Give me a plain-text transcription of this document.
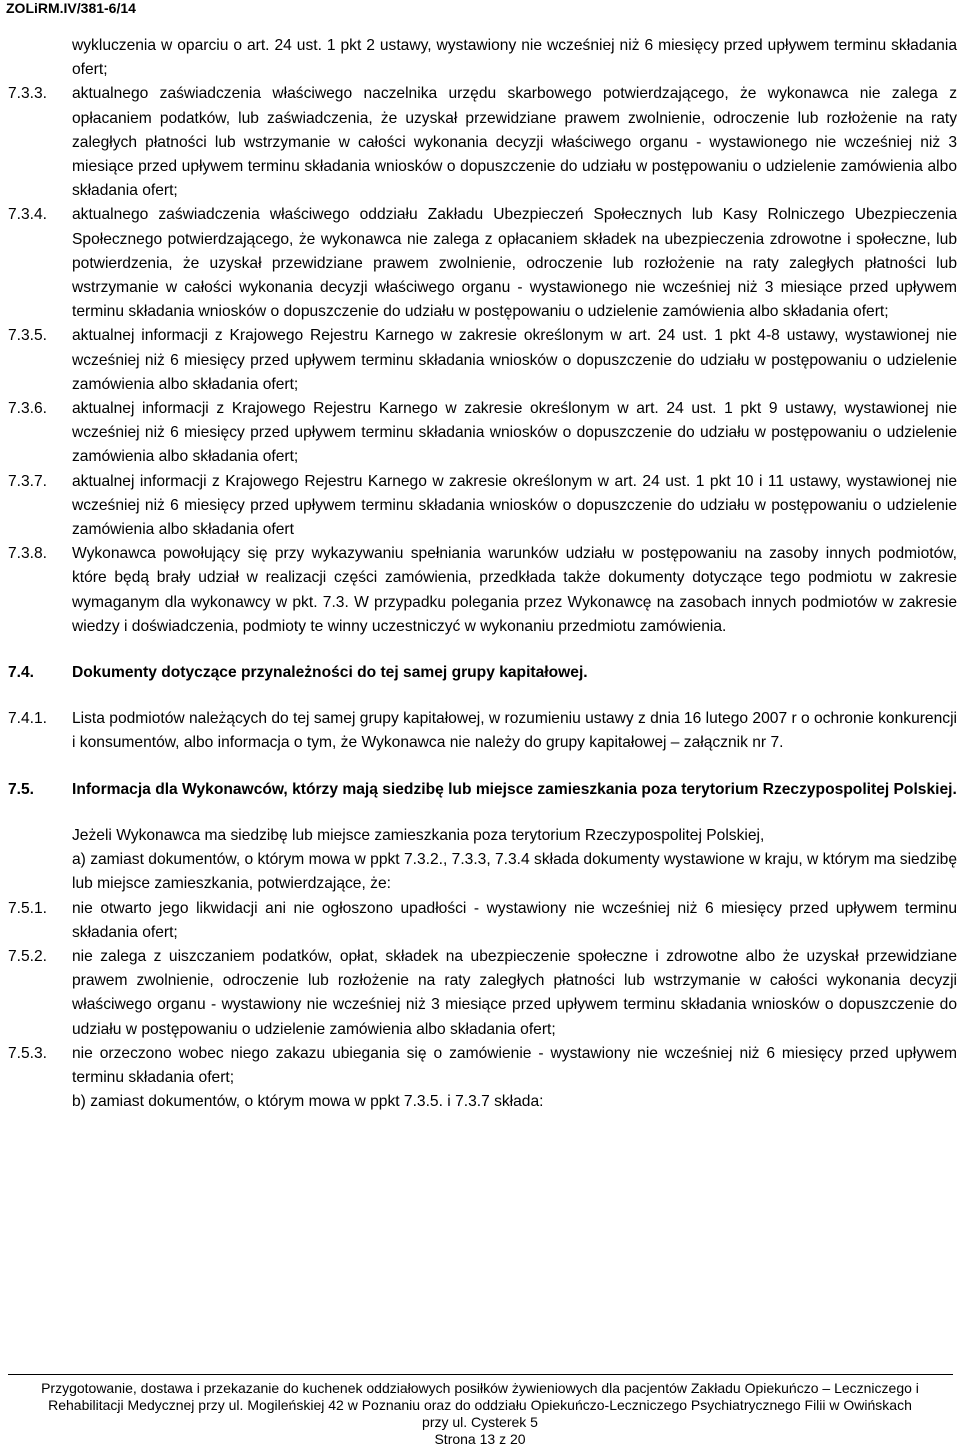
ZOLiRM.IV/381-6/14
wykluczenia w oparciu o art. 24 ust. 1 pkt 2 ustawy, wystawiony nie wcześniej niż 6 miesięcy przed upływem terminu składania ofert;
7.3.3.	aktualnego zaświadczenia właściwego naczelnika urzędu skarbowego potwierdzającego, że wykonawca nie zalega z opłacaniem podatków, lub zaświadczenia, że uzyskał przewidziane prawem zwolnienie, odroczenie lub rozłożenie na raty zaległych płatności lub wstrzymanie w całości wykonania decyzji właściwego organu - wystawionego nie wcześniej niż 3 miesiące przed upływem terminu składania wniosków o dopuszczenie do udziału w postępowaniu o udzielenie zamówienia albo składania ofert;
7.3.4.	aktualnego zaświadczenia właściwego oddziału Zakładu Ubezpieczeń Społecznych lub Kasy Rolniczego Ubezpieczenia Społecznego potwierdzającego, że wykonawca nie zalega z opłacaniem składek na ubezpieczenia zdrowotne i społeczne, lub potwierdzenia, że uzyskał przewidziane prawem zwolnienie, odroczenie lub rozłożenie na raty zaległych płatności lub wstrzymanie w całości wykonania decyzji właściwego organu - wystawionego nie wcześniej niż 3 miesiące przed upływem terminu składania wniosków o dopuszczenie do udziału w postępowaniu o udzielenie zamówienia albo składania ofert;
7.3.5.	aktualnej informacji z Krajowego Rejestru Karnego w zakresie określonym w art. 24 ust. 1 pkt 4-8 ustawy, wystawionej nie wcześniej niż 6 miesięcy przed upływem terminu składania wniosków o dopuszczenie do udziału w postępowaniu o udzielenie zamówienia albo składania ofert;
7.3.6.	aktualnej informacji z Krajowego Rejestru Karnego w zakresie określonym w art. 24 ust. 1 pkt 9 ustawy, wystawionej nie wcześniej niż 6 miesięcy przed upływem terminu składania wniosków o dopuszczenie do udziału w postępowaniu o udzielenie zamówienia albo składania ofert;
7.3.7.	aktualnej informacji z Krajowego Rejestru Karnego w zakresie określonym w art. 24 ust. 1 pkt 10 i 11 ustawy, wystawionej nie wcześniej niż 6 miesięcy przed upływem terminu składania wniosków o dopuszczenie do udziału w postępowaniu o udzielenie zamówienia albo składania ofert
7.3.8.	Wykonawca powołujący się przy wykazywaniu spełniania warunków udziału w postępowaniu na zasoby innych podmiotów, które będą brały udział w realizacji części zamówienia, przedkłada także dokumenty dotyczące tego podmiotu w zakresie wymaganym dla wykonawcy w pkt. 7.3. W przypadku polegania przez Wykonawcę na zasobach innych podmiotów w zakresie wiedzy i doświadczenia, podmioty te winny uczestniczyć w wykonaniu przedmiotu zamówienia.
7.4.	Dokumenty dotyczące przynależności do tej samej grupy kapitałowej.
7.4.1.	Lista podmiotów należących do tej samej grupy kapitałowej, w rozumieniu ustawy z dnia 16 lutego 2007 r o ochronie konkurencji i konsumentów, albo informacja o tym, że Wykonawca nie należy do grupy kapitałowej – załącznik nr 7.
7.5.	Informacja dla Wykonawców, którzy mają siedzibę lub miejsce zamieszkania poza terytorium Rzeczypospolitej Polskiej.
Jeżeli Wykonawca ma siedzibę lub miejsce zamieszkania poza terytorium Rzeczypospolitej Polskiej,
a) zamiast dokumentów, o którym mowa w ppkt 7.3.2., 7.3.3, 7.3.4 składa dokumenty wystawione w kraju, w którym ma siedzibę lub miejsce zamieszkania, potwierdzające, że:
7.5.1.	nie otwarto jego likwidacji ani nie ogłoszono upadłości - wystawiony nie wcześniej niż 6 miesięcy przed upływem terminu składania ofert;
7.5.2.	nie zalega z uiszczaniem podatków, opłat, składek na ubezpieczenie społeczne i zdrowotne albo że uzyskał przewidziane prawem zwolnienie, odroczenie lub rozłożenie na raty zaległych płatności lub wstrzymanie w całości wykonania decyzji właściwego organu - wystawiony nie wcześniej niż 3 miesiące przed upływem terminu składania wniosków o dopuszczenie do udziału w postępowaniu o udzielenie zamówienia albo składania ofert;
7.5.3.	nie orzeczono wobec niego zakazu ubiegania się o zamówienie - wystawiony nie wcześniej niż 6 miesięcy przed upływem terminu składania ofert;
b) zamiast dokumentów, o którym mowa w ppkt 7.3.5. i 7.3.7 składa:
Przygotowanie, dostawa i przekazanie do kuchenek oddziałowych posiłków żywieniowych dla pacjentów Zakładu Opiekuńczo – Leczniczego i
Rehabilitacji Medycznej przy ul. Mogileńskiej 42 w Poznaniu oraz do oddziału Opiekuńczo-Leczniczego Psychiatrycznego Filii w Owińskach
przy ul. Cysterek 5
Strona 13 z 20
